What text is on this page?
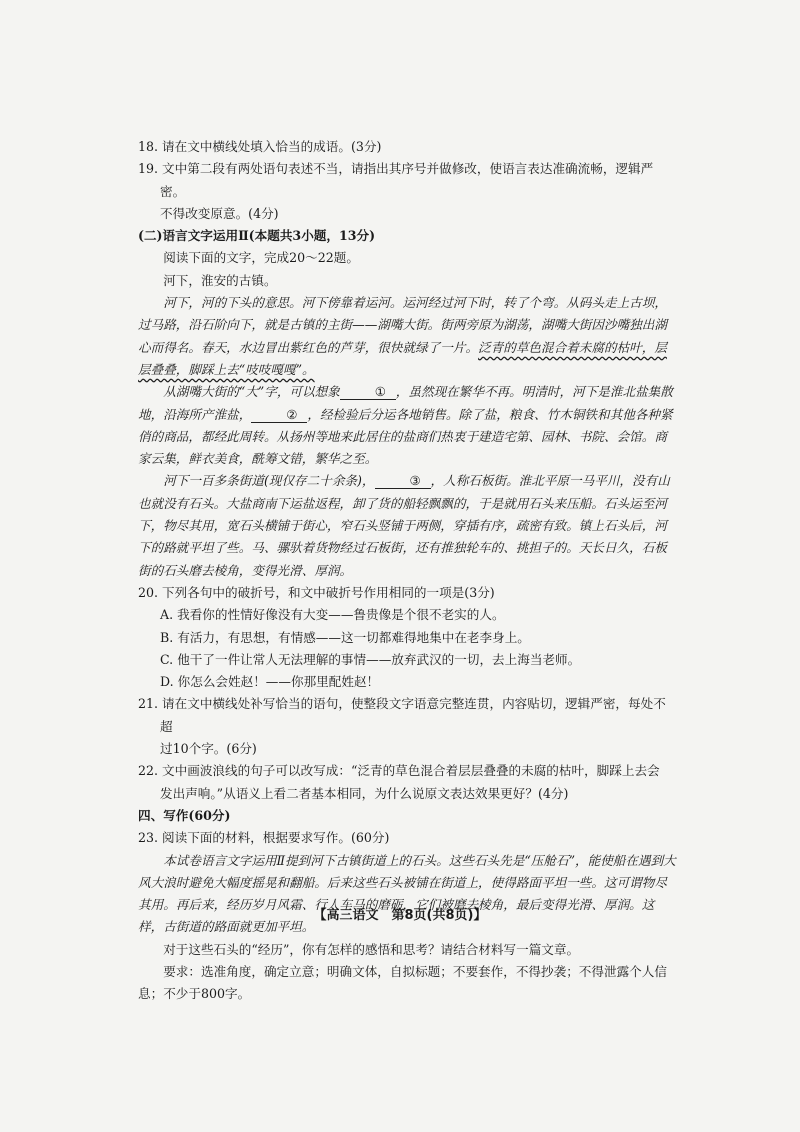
18. 请在文中横线处填入恰当的成语。(3分)

19. 文中第二段有两处语句表述不当，请指出其序号并做修改，使语言表达准确流畅，逻辑严密。
不得改变原意。(4分)

(二)语言文字运用Ⅱ(本题共3小题，13分)

阅读下面的文字，完成20～22题。

河下，淮安的古镇。

河下，河的下头的意思。河下傍靠着运河。运河经过河下时，转了个弯。从码头走上古坝，过马路，沿石阶向下，就是古镇的主街——湖嘴大街。街两旁原为湖荡，湖嘴大街因沙嘴独出湖心而得名。春天，水边冒出紫红色的芦芽，很快就绿了一片。泛青的草色混合着未腐的枯叶，层层叠叠，脚踩上去“吱吱嘎嘎”。

从湖嘴大街的“大”字，可以想象	① ，虽然现在繁华不再。明清时，河下是淮北盐集散地，沿海所产淮盐，	② ，经检验后分运各地销售。除了盐，粮食、竹木铜铁和其他各种紧俏的商品，都经此周转。从扬州等地来此居住的盐商们热衷于建造宅第、园林、书院、会馆。商家云集，鲜衣美食，酰筹文错，繁华之至。

河下一百多条街道(现仅存二十余条)，	③ ，人称石板街。淮北平原一马平川，没有山也就没有石头。大盐商南下运盐返程，卸了货的船轻飘飘的，于是就用石头来压船。石头运至河下，物尽其用，宽石头横铺于街心，窄石头竖铺于两侧，穿插有序，疏密有致。镇上石头后，河下的路就平坦了些。马、骡驮着货物经过石板街，还有推独轮车的、挑担子的。天长日久，石板街的石头磨去棱角，变得光滑、厚润。

20. 下列各句中的破折号，和文中破折号作用相同的一项是(3分)

A. 我看你的性情好像没有大变——鲁贵像是个很不老实的人。

B. 有活力，有思想，有情感——这一切都难得地集中在老李身上。

C. 他干了一件让常人无法理解的事情——放弃武汉的一切，去上海当老师。

D. 你怎么会姓赵！——你那里配姓赵！

21. 请在文中横线处补写恰当的语句，使整段文字语意完整连贯，内容贴切，逻辑严密，每处不超
过10个字。(6分)

22. 文中画波浪线的句子可以改写成：“泛青的草色混合着层层叠叠的未腐的枯叶，脚踩上去会
发出声响。”从语义上看二者基本相同，为什么说原文表达效果更好？(4分)

四、写作(60分)

23. 阅读下面的材料，根据要求写作。(60分)

本试卷语言文字运用Ⅱ提到河下古镇街道上的石头。这些石头先是“压舱石”，能使船在遇到大风大浪时避免大幅度摇晃和翻船。后来这些石头被铺在街道上，使得路面平坦一些。这可谓物尽其用。再后来，经历岁月风霜、行人车马的磨砺，它们被磨去棱角，最后变得光滑、厚润。这样，古街道的路面就更加平坦。

对于这些石头的“经历”，你有怎样的感悟和思考？请结合材料写一篇文章。

要求：选准角度，确定立意；明确文体，自拟标题；不要套作，不得抄袭；不得泄露个人信息；不少于800字。

【高三语文　第8页(共8页)】
